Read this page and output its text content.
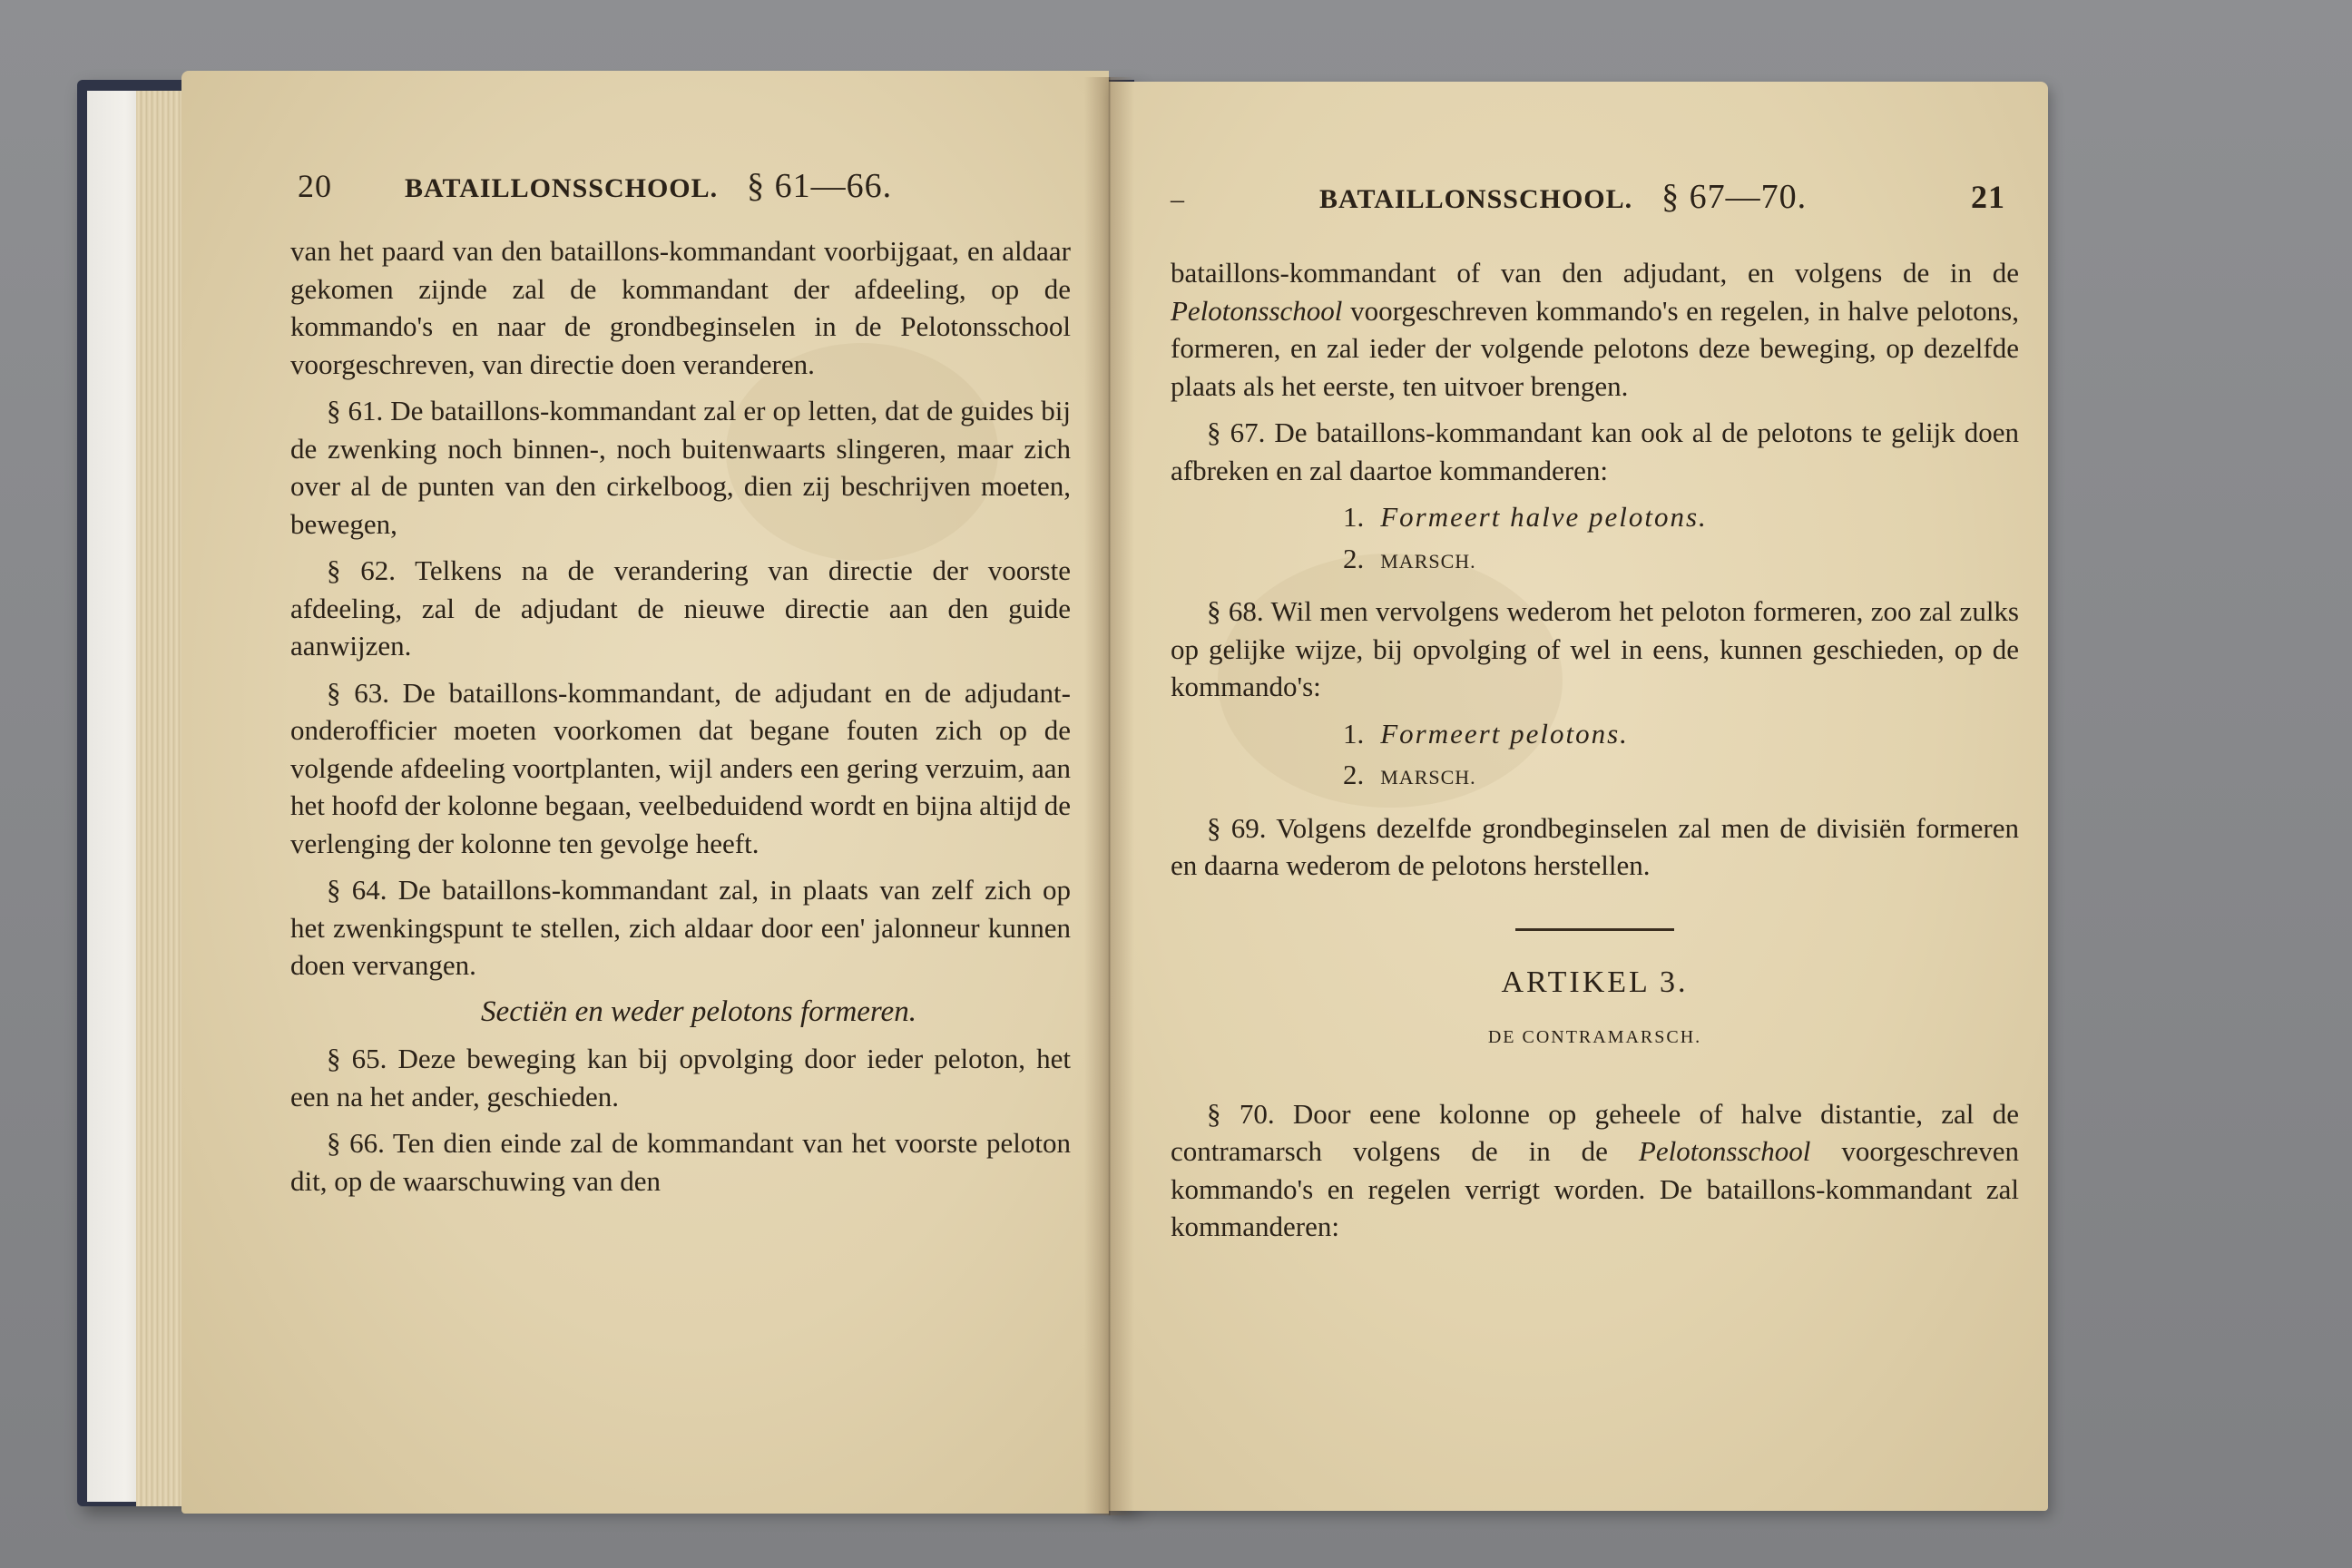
20	BATAILLONSSCHOOL. § 61—66.

van het paard van den bataillons-kommandant voorbijgaat, en aldaar gekomen zijnde zal de kommandant der afdeeling, op de kommando's en naar de grondbeginselen in de Pelotonsschool voorgeschreven, van directie doen veranderen.

§ 61. De bataillons-kommandant zal er op letten, dat de guides bij de zwenking noch binnen-, noch buitenwaarts slingeren, maar zich over al de punten van den cirkelboog, dien zij beschrijven moeten, bewegen,

§ 62. Telkens na de verandering van directie der voorste afdeeling, zal de adjudant de nieuwe directie aan den guide aanwijzen.

§ 63. De bataillons-kommandant, de adjudant en de adjudant-onderofficier moeten voorkomen dat begane fouten zich op de volgende afdeeling voortplanten, wijl anders een gering verzuim, aan het hoofd der kolonne begaan, veelbeduidend wordt en bijna altijd de verlenging der kolonne ten gevolge heeft.

§ 64. De bataillons-kommandant zal, in plaats van zelf zich op het zwenkingspunt te stellen, zich aldaar door een' jalonneur kunnen doen vervangen.

Sectiën en weder pelotons formeren.

§ 65. Deze beweging kan bij opvolging door ieder peloton, het een na het ander, geschieden.

§ 66. Ten dien einde zal de kommandant van het voorste peloton dit, op de waarschuwing van den

–	BATAILLONSSCHOOL. § 67—70.	21

bataillons-kommandant of van den adjudant, en volgens de in de Pelotonsschool voorgeschreven kommando's en regelen, in halve pelotons, formeren, en zal ieder der volgende pelotons deze beweging, op dezelfde plaats als het eerste, ten uitvoer brengen.

§ 67. De bataillons-kommandant kan ook al de pelotons te gelijk doen afbreken en zal daartoe kommanderen:

1. Formeert halve pelotons.

2. MARSCH.

§ 68. Wil men vervolgens wederom het peloton formeren, zoo zal zulks op gelijke wijze, bij opvolging of wel in eens, kunnen geschieden, op de kommando's:

1. Formeert pelotons.

2. MARSCH.

§ 69. Volgens dezelfde grondbeginselen zal men de divisiën formeren en daarna wederom de pelotons herstellen.

ARTIKEL 3.
DE CONTRAMARSCH.

§ 70. Door eene kolonne op geheele of halve distantie, zal de contramarsch volgens de in de Pelotonsschool voorgeschreven kommando's en regelen verrigt worden. De bataillons-kommandant zal kommanderen:
